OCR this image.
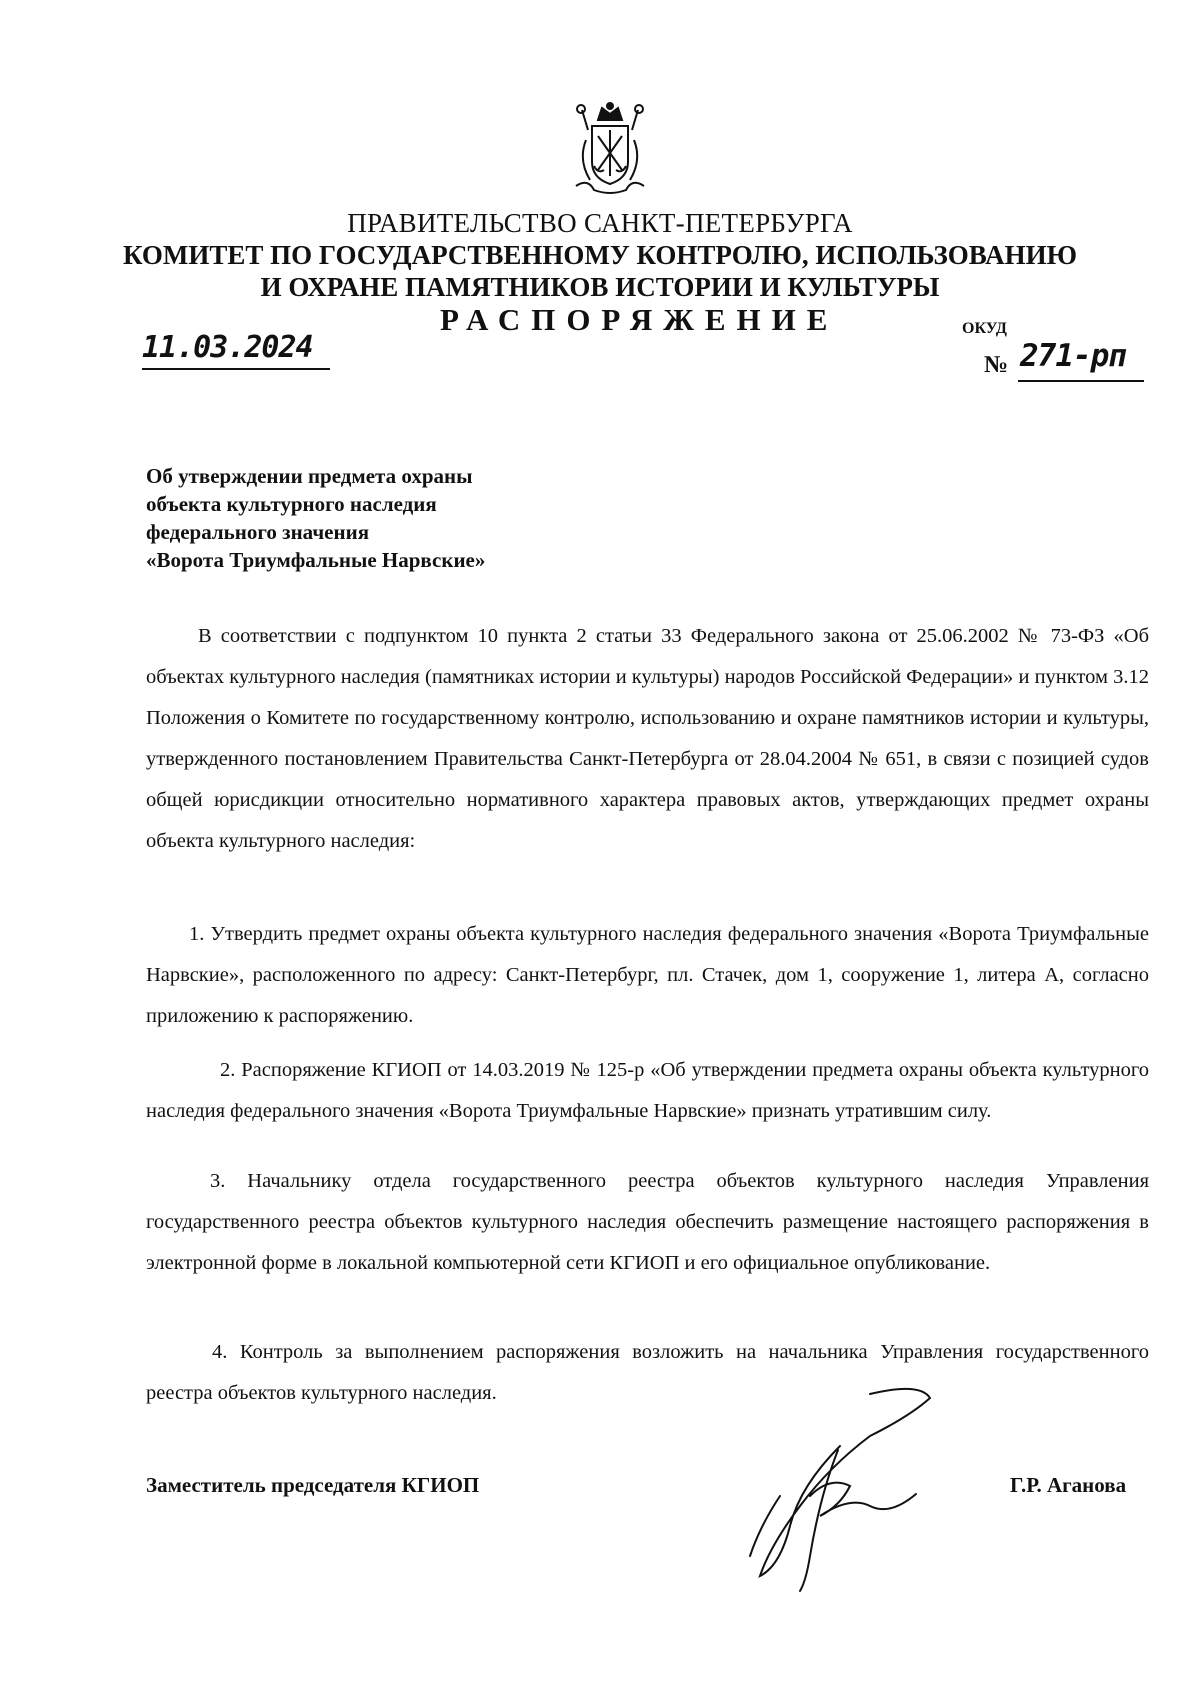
ПРАВИТЕЛЬСТВО САНКТ-ПЕТЕРБУРГА
КОМИТЕТ ПО ГОСУДАРСТВЕННОМУ КОНТРОЛЮ, ИСПОЛЬЗОВАНИЮ
И ОХРАНЕ ПАМЯТНИКОВ ИСТОРИИ И КУЛЬТУРЫ
РАСПОРЯЖЕНИЕ	ОКУД
11.03.2024	№ 271-рп
Об утверждении предмета охраны
объекта культурного наследия
федерального значения
«Ворота Триумфальные Нарвские»
В соответствии с подпунктом 10 пункта 2 статьи 33 Федерального закона от 25.06.2002 № 73-ФЗ «Об объектах культурного наследия (памятниках истории и культуры) народов Российской Федерации» и пунктом 3.12 Положения о Комитете по государственному контролю, использованию и охране памятников истории и культуры, утвержденного постановлением Правительства Санкт-Петербурга от 28.04.2004 № 651, в связи с позицией судов общей юрисдикции относительно нормативного характера правовых актов, утверждающих предмет охраны объекта культурного наследия:
1. Утвердить предмет охраны объекта культурного наследия федерального значения «Ворота Триумфальные Нарвские», расположенного по адресу: Санкт-Петербург, пл. Стачек, дом 1, сооружение 1, литера А, согласно приложению к распоряжению.
2. Распоряжение КГИОП от 14.03.2019 № 125-р «Об утверждении предмета охраны объекта культурного наследия федерального значения «Ворота Триумфальные Нарвские» признать утратившим силу.
3. Начальнику отдела государственного реестра объектов культурного наследия Управления государственного реестра объектов культурного наследия обеспечить размещение настоящего распоряжения в электронной форме в локальной компьютерной сети КГИОП и его официальное опубликование.
4. Контроль за выполнением распоряжения возложить на начальника Управления государственного реестра объектов культурного наследия.
Заместитель председателя КГИОП	Г.Р. Аганова
